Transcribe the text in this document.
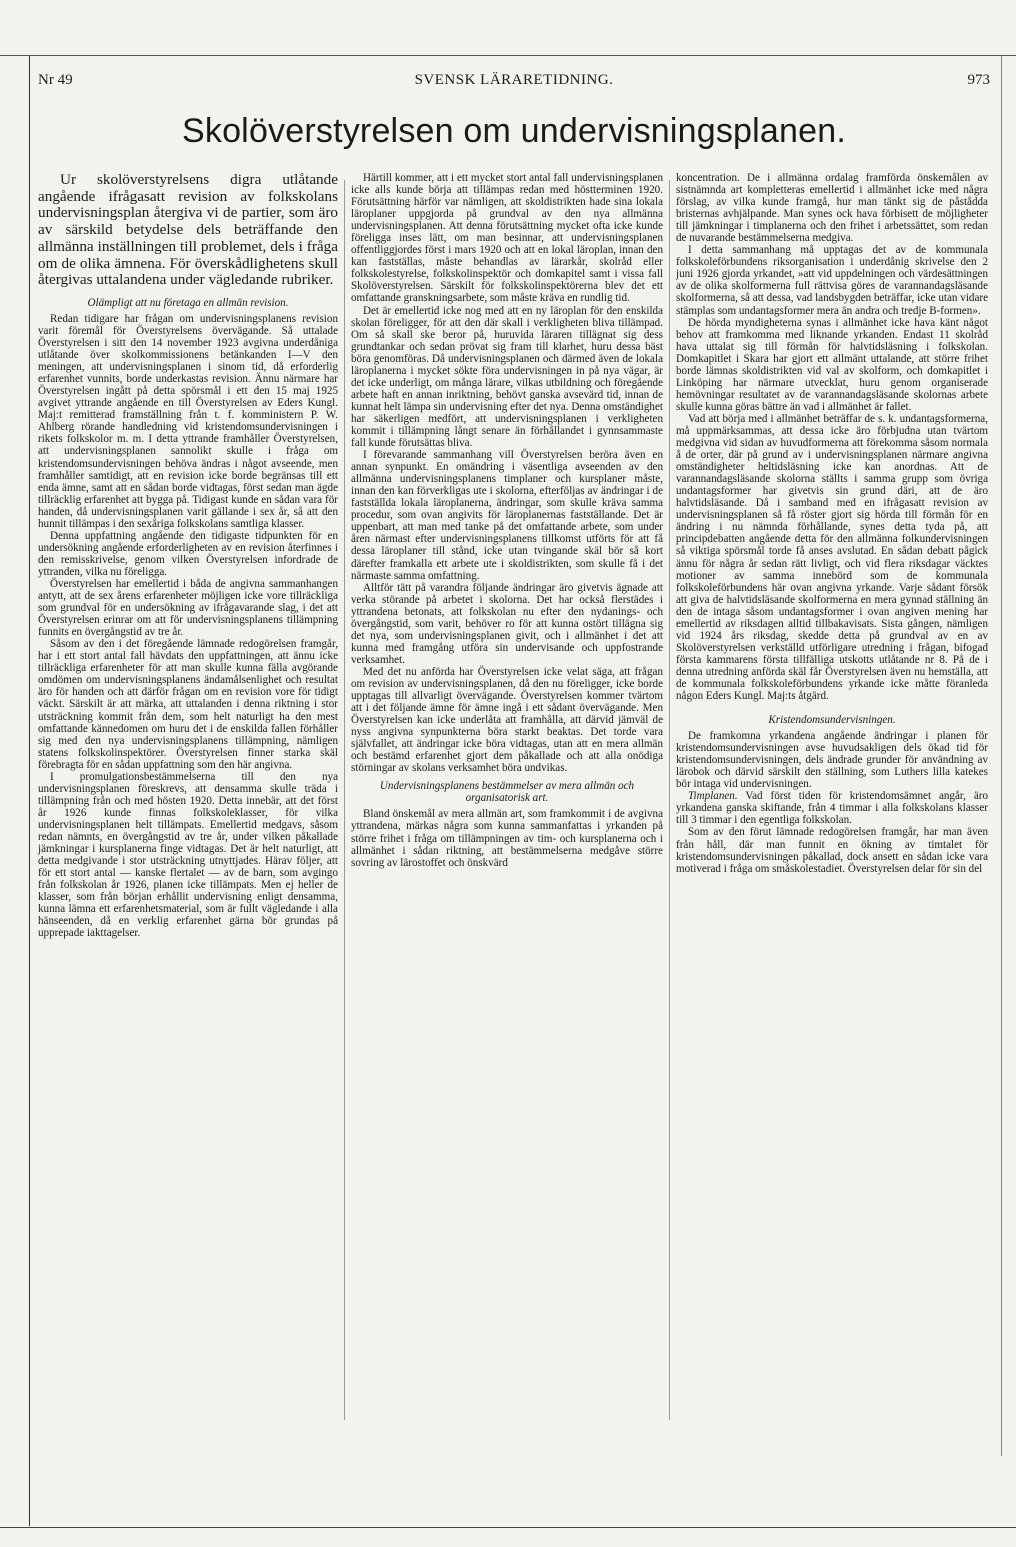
Nr 49	SVENSK LÄRARETIDNING.	973
Skolöverstyrelsen om undervisningsplanen.

Ur skolöverstyrelsens digra utlåtande angående ifrågasatt revision av folkskolans undervisningsplan återgiva vi de partier, som äro av särskild betydelse dels beträffande den allmänna inställningen till problemet, dels i fråga om de olika ämnena. För överskådlighetens skull återgivas uttalandena under vägledande rubriker.

Olämpligt att nu företaga en allmän revision.

Redan tidigare har frågan om undervisningsplanens revision varit föremål för Överstyrelsens övervägande. Så uttalade Överstyrelsen i sitt den 14 november 1923 avgivna underdåniga utlåtande över skolkommissionens betänkanden I—V den meningen, att undervisningsplanen i sinom tid, då erforderlig erfarenhet vunnits, borde underkastas revision. Ännu närmare har Överstyrelsen ingått på detta spörsmål i ett den 15 maj 1925 avgivet yttrande angående en till Överstyrelsen av Eders Kungl. Maj:t remitterad framställning från t. f. komministern P. W. Ahlberg rörande handledning vid kristendomsundervisningen i rikets folkskolor m. m. I detta yttrande framhåller Överstyrelsen, att undervisningsplanen sannolikt skulle i fråga om kristendomsundervisningen behöva ändras i något avseende, men framhåller samtidigt, att en revision icke borde begränsas till ett enda ämne, samt att en sådan borde vidtagas, först sedan man ägde tillräcklig erfarenhet att bygga på. Tidigast kunde en sådan vara för handen, då undervisningsplanen varit gällande i sex år, så att den hunnit tillämpas i den sexåriga folkskolans samtliga klasser.

Denna uppfattning angående den tidigaste tidpunkten för en undersökning angående erforderligheten av en revision återfinnes i den remisskrivelse, genom vilken Överstyrelsen infordrade de yttranden, vilka nu föreligga.

Överstyrelsen har emellertid i båda de angivna sammanhangen antytt, att de sex årens erfarenheter möjligen icke vore tillräckliga som grundval för en undersökning av ifrågavarande slag, i det att Överstyrelsen erinrar om att för undervisningsplanens tillämpning funnits en övergångstid av tre år.

Såsom av den i det föregående lämnade redogörelsen framgår, har i ett stort antal fall hävdats den uppfattningen, att ännu icke tillräckliga erfarenheter för att man skulle kunna fälla avgörande omdömen om undervisningsplanens ändamålsenlighet och resultat äro för handen och att därför frågan om en revision vore för tidigt väckt. Särskilt är att märka, att uttalanden i denna riktning i stor utsträckning kommit från dem, som helt naturligt ha den mest omfattande kännedomen om huru det i de enskilda fallen förhåller sig med den nya undervisningsplanens tillämpning, nämligen statens folkskolinspektörer. Överstyrelsen finner starka skäl förebragta för en sådan uppfattning som den här angivna.

I promulgationsbestämmelserna till den nya undervisningsplanen föreskrevs, att densamma skulle träda i tillämpning från och med hösten 1920. Detta innebär, att det först år 1926 kunde finnas folkskoleklasser, för vilka undervisningsplanen helt tillämpats. Emellertid medgavs, såsom redan nämnts, en övergångstid av tre år, under vilken påkallade jämkningar i kursplanerna finge vidtagas. Det är helt naturligt, att detta medgivande i stor utsträckning utnyttjades. Härav följer, att för ett stort antal — kanske flertalet — av de barn, som avgingo från folkskolan år 1926, planen icke tillämpats. Men ej heller de klasser, som från början erhållit undervisning enligt densamma, kunna lämna ett erfarenhetsmaterial, som är fullt vägledande i alla hänseenden, då en verklig erfarenhet gärna bör grundas på upprepade iakttagelser.

Härtill kommer, att i ett mycket stort antal fall undervisningsplanen icke alls kunde börja att tillämpas redan med höstterminen 1920. Förutsättning härför var nämligen, att skoldistrikten hade sina lokala läroplaner uppgjorda på grundval av den nya allmänna undervisningsplanen. Att denna förutsättning mycket ofta icke kunde föreligga inses lätt, om man besinnar, att undervisningsplanen offentliggjordes först i mars 1920 och att en lokal läroplan, innan den kan fastställas, måste behandlas av lärarkår, skolråd eller folkskolestyrelse, folkskolinspektör och domkapitel samt i vissa fall Skolöverstyrelsen. Särskilt för folkskolinspektörerna blev det ett omfattande granskningsarbete, som måste kräva en rundlig tid.

Det är emellertid icke nog med att en ny läroplan för den enskilda skolan föreligger, för att den där skall i verkligheten bliva tillämpad. Om så skall ske beror på, huruvida läraren tillägnat sig dess grundtankar och sedan prövat sig fram till klarhet, huru dessa bäst böra genomföras. Då undervisningsplanen och därmed även de lokala läroplanerna i mycket sökte föra undervisningen in på nya vägar, är det icke underligt, om många lärare, vilkas utbildning och föregående arbete haft en annan inriktning, behövt ganska avsevärd tid, innan de kunnat helt lämpa sin undervisning efter det nya. Denna omständighet har säkerligen medfört, att undervisningsplanen i verkligheten kommit i tillämpning långt senare än förhållandet i gynnsammaste fall kunde förutsättas bliva.

I förevarande sammanhang vill Överstyrelsen beröra även en annan synpunkt. En omändring i väsentliga avseenden av den allmänna undervisningsplanens timplaner och kursplaner måste, innan den kan förverkligas ute i skolorna, efterföljas av ändringar i de fastställda lokala läroplanerna, ändringar, som skulle kräva samma procedur, som ovan angivits för läroplanernas fastställande. Det är uppenbart, att man med tanke på det omfattande arbete, som under åren närmast efter undervisningsplanens tillkomst utförts för att få dessa läroplaner till stånd, icke utan tvingande skäl bör så kort därefter framkalla ett arbete ute i skoldistrikten, som skulle få i det närmaste samma omfattning.

Alltför tätt på varandra följande ändringar äro givetvis ägnade att verka störande på arbetet i skolorna. Det har också flerstädes i yttrandena betonats, att folkskolan nu efter den nydanings- och övergångstid, som varit, behöver ro för att kunna ostört tillägna sig det nya, som undervisningsplanen givit, och i allmänhet i det att kunna med framgång utföra sin undervisande och uppfostrande verksamhet.

Med det nu anförda har Överstyrelsen icke velat säga, att frågan om revision av undervisningsplanen, då den nu föreligger, icke borde upptagas till allvarligt övervägande. Överstyrelsen kommer tvärtom att i det följande ämne för ämne ingå i ett sådant övervägande. Men Överstyrelsen kan icke underlåta att framhålla, att därvid jämväl de nyss angivna synpunkterna böra starkt beaktas. Det torde vara självfallet, att ändringar icke böra vidtagas, utan att en mera allmän och bestämd erfarenhet gjort dem påkallade och att alla onödiga störningar av skolans verksamhet böra undvikas.

Undervisningsplanens bestämmelser av mera allmän och organisatorisk art.

Bland önskemål av mera allmän art, som framkommit i de avgivna yttrandena, märkas några som kunna sammanfattas i yrkanden på större frihet i fråga om tillämpningen av tim- och kursplanerna och i allmänhet i sådan riktning, att bestämmelserna medgåve större sovring av lärostoffet och önskvärd

koncentration. De i allmänna ordalag framförda önskemålen av sistnämnda art kompletteras emellertid i allmänhet icke med några förslag, av vilka kunde framgå, hur man tänkt sig de påstådda bristernas avhjälpande. Man synes ock hava förbisett de möjligheter till jämkningar i timplanerna och den frihet i arbetssättet, som redan de nuvarande bestämmelserna medgiva.

I detta sammanhang må upptagas det av de kommunala folkskoleförbundens riksorganisation i underdånig skrivelse den 2 juni 1926 gjorda yrkandet, »att vid uppdelningen och värdesättningen av de olika skolformerna full rättvisa göres de varannandagsläsande skolformerna, så att dessa, vad landsbygden beträffar, icke utan vidare stämplas som undantagsformer mera än andra och tredje B-formen».

De hörda myndigheterna synas i allmänhet icke hava känt något behov att framkomma med liknande yrkanden. Endast 11 skolråd hava uttalat sig till förmån för halvtidsläsning i folkskolan. Domkapitlet i Skara har gjort ett allmänt uttalande, att större frihet borde lämnas skoldistrikten vid val av skolform, och domkapitlet i Linköping har närmare utvecklat, huru genom organiserade hemövningar resultatet av de varannandagsläsande skolornas arbete skulle kunna göras bättre än vad i allmänhet är fallet.

Vad att börja med i allmänhet beträffar de s. k. undantagsformerna, må uppmärksammas, att dessa icke äro förbjudna utan tvärtom medgivna vid sidan av huvudformerna att förekomma såsom normala å de orter, där på grund av i undervisningsplanen närmare angivna omständigheter heltidsläsning icke kan anordnas. Att de varannandagsläsande skolorna ställts i samma grupp som övriga undantagsformer har givetvis sin grund däri, att de äro halvtidsläsande. Då i samband med en ifrågasatt revision av undervisningsplanen så få röster gjort sig hörda till förmån för en ändring i nu nämnda förhållande, synes detta tyda på, att principdebatten angående detta för den allmänna folkundervisningen så viktiga spörsmål torde få anses avslutad. En sådan debatt pågick ännu för några år sedan rätt livligt, och vid flera riksdagar väcktes motioner av samma innebörd som de kommunala folkskoleförbundens här ovan angivna yrkande. Varje sådant försök att giva de halvtidsläsande skolformerna en mera gynnad ställning än den de intaga såsom undantagsformer i ovan angiven mening har emellertid av riksdagen alltid tillbakavisats. Sista gången, nämligen vid 1924 års riksdag, skedde detta på grundval av en av Skolöverstyrelsen verkställd utförligare utredning i frågan, bifogad första kammarens första tillfälliga utskotts utlåtande nr 8. På de i denna utredning anförda skäl får Överstyrelsen även nu hemställa, att de kommunala folkskoleförbundens yrkande icke måtte föranleda någon Eders Kungl. Maj:ts åtgärd.

Kristendomsundervisningen.

De framkomna yrkandena angående ändringar i planen för kristendomsundervisningen avse huvudsakligen dels ökad tid för kristendomsundervisningen, dels ändrade grunder för användning av lärobok och därvid särskilt den ställning, som Luthers lilla katekes bör intaga vid undervisningen.

Timplanen. Vad först tiden för kristendomsämnet angår, äro yrkandena ganska skiftande, från 4 timmar i alla folkskolans klasser till 3 timmar i den egentliga folkskolan.

Som av den förut lämnade redogörelsen framgår, har man även från håll, där man funnit en ökning av timtalet för kristendomsundervisningen påkallad, dock ansett en sådan icke vara motiverad i fråga om småskolestadiet. Överstyrelsen delar för sin del
